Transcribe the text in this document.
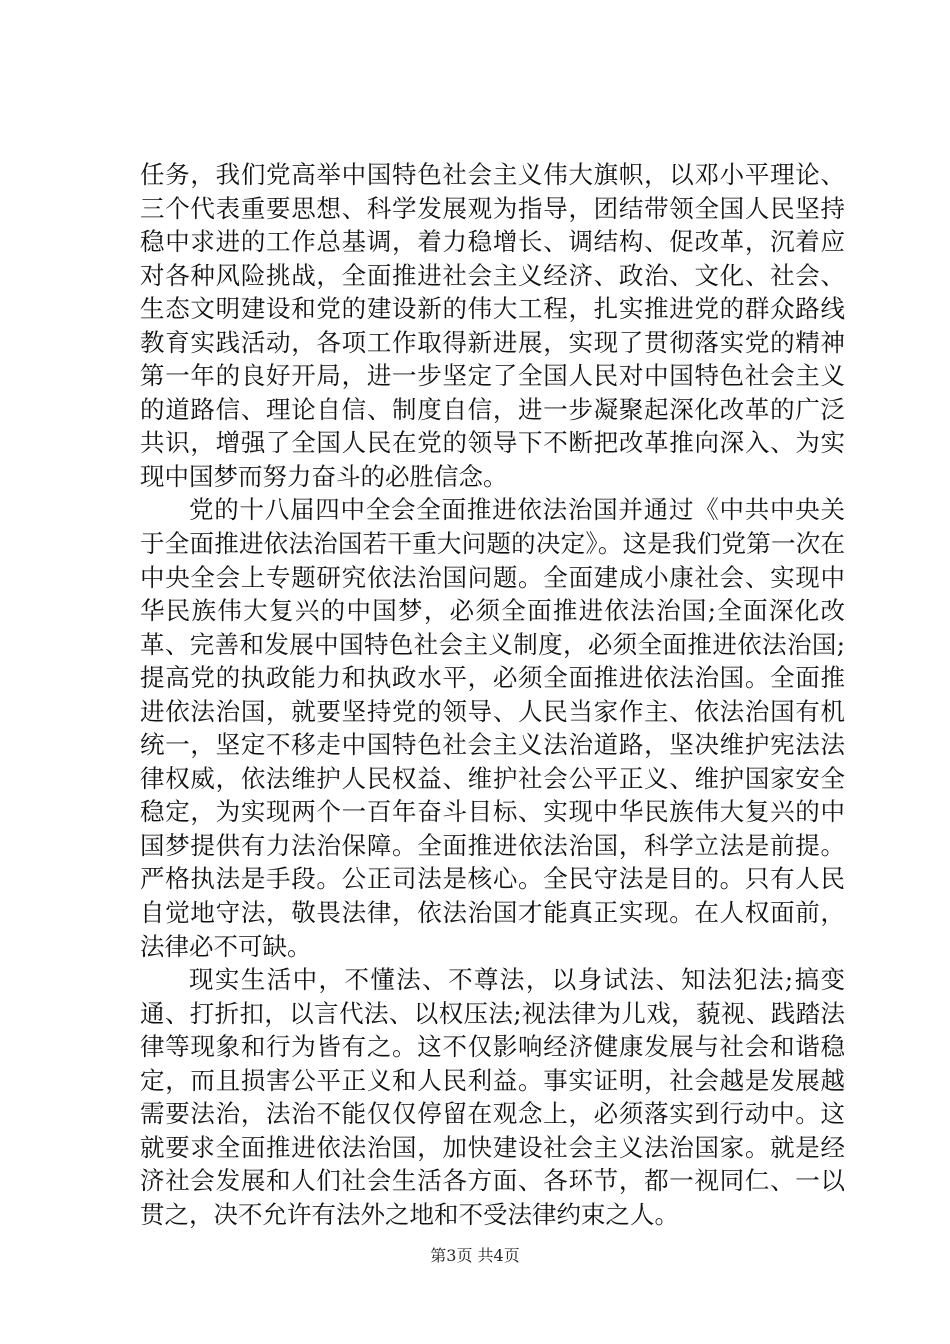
任务，我们党高举中国特色社会主义伟大旗帜，以邓小平理论、三个代表重要思想、科学发展观为指导，团结带领全国人民坚持稳中求进的工作总基调，着力稳增长、调结构、促改革，沉着应对各种风险挑战，全面推进社会主义经济、政治、文化、社会、生态文明建设和党的建设新的伟大工程，扎实推进党的群众路线教育实践活动，各项工作取得新进展，实现了贯彻落实党的精神第一年的良好开局，进一步坚定了全国人民对中国特色社会主义的道路信、理论自信、制度自信，进一步凝聚起深化改革的广泛共识，增强了全国人民在党的领导下不断把改革推向深入、为实现中国梦而努力奋斗的必胜信念。

党的十八届四中全会全面推进依法治国并通过《中共中央关于全面推进依法治国若干重大问题的决定》。这是我们党第一次在中央全会上专题研究依法治国问题。全面建成小康社会、实现中华民族伟大复兴的中国梦，必须全面推进依法治国;全面深化改革、完善和发展中国特色社会主义制度，必须全面推进依法治国;提高党的执政能力和执政水平，必须全面推进依法治国。全面推进依法治国，就要坚持党的领导、人民当家作主、依法治国有机统一，坚定不移走中国特色社会主义法治道路，坚决维护宪法法律权威，依法维护人民权益、维护社会公平正义、维护国家安全稳定，为实现两个一百年奋斗目标、实现中华民族伟大复兴的中国梦提供有力法治保障。全面推进依法治国，科学立法是前提。严格执法是手段。公正司法是核心。全民守法是目的。只有人民自觉地守法，敬畏法律，依法治国才能真正实现。在人权面前，法律必不可缺。

现实生活中，不懂法、不尊法，以身试法、知法犯法;搞变通、打折扣，以言代法、以权压法;视法律为儿戏，藐视、践踏法律等现象和行为皆有之。这不仅影响经济健康发展与社会和谐稳定，而且损害公平正义和人民利益。事实证明，社会越是发展越需要法治，法治不能仅仅停留在观念上，必须落实到行动中。这就要求全面推进依法治国，加快建设社会主义法治国家。就是经济社会发展和人们社会生活各方面、各环节，都一视同仁、一以贯之，决不允许有法外之地和不受法律约束之人。

第3页 共4页
